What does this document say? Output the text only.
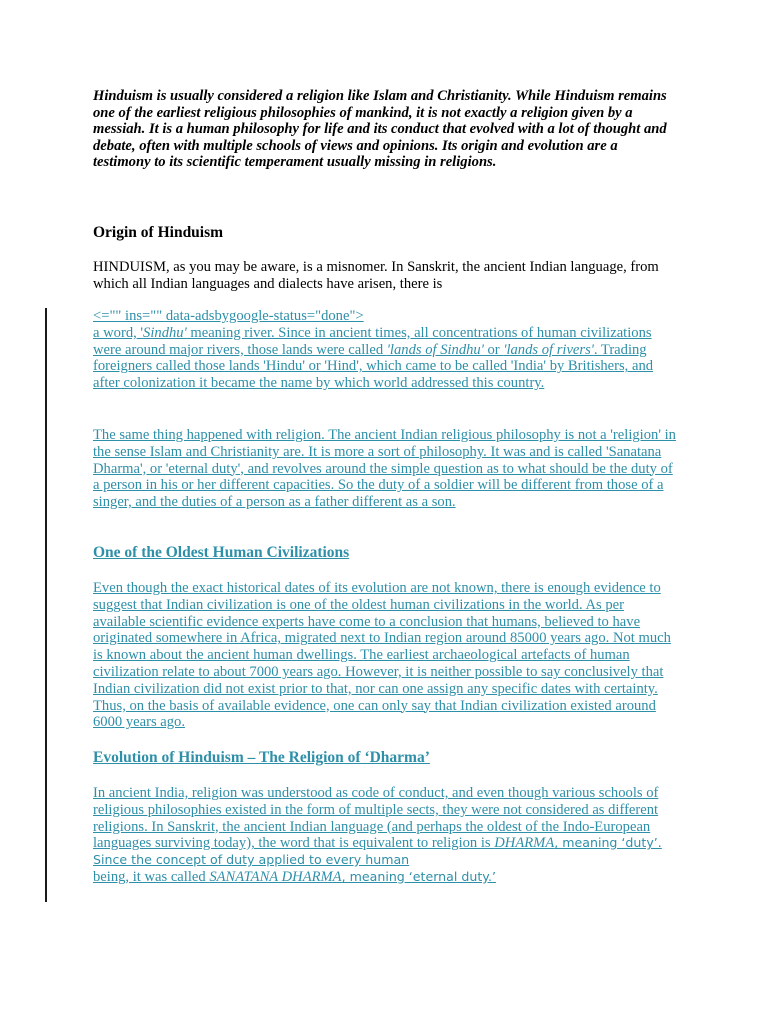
Hinduism is usually considered a religion like Islam and Christianity. While Hinduism remains one of the earliest religious philosophies of mankind, it is not exactly a religion given by a messiah. It is a human philosophy for life and its conduct that evolved with a lot of thought and debate, often with multiple schools of views and opinions. Its origin and evolution are a testimony to its scientific temperament usually missing in religions.

Origin of Hinduism

HINDUISM, as you may be aware, is a misnomer. In Sanskrit, the ancient Indian language, from which all Indian languages and dialects have arisen, there is

<="" ins="" data-adsbygoogle-status="done">
a word, 'Sindhu' meaning river. Since in ancient times, all concentrations of human civilizations were around major rivers, those lands were called 'lands of Sindhu' or 'lands of rivers'. Trading foreigners called those lands 'Hindu' or 'Hind', which came to be called 'India' by Britishers, and after colonization it became the name by which world addressed this country.

The same thing happened with religion. The ancient Indian religious philosophy is not a 'religion' in the sense Islam and Christianity are. It is more a sort of philosophy. It was and is called 'Sanatana Dharma', or 'eternal duty', and revolves around the simple question as to what should be the duty of a person in his or her different capacities. So the duty of a soldier will be different from those of a singer, and the duties of a person as a father different as a son.

One of the Oldest Human Civilizations

Even though the exact historical dates of its evolution are not known, there is enough evidence to suggest that Indian civilization is one of the oldest human civilizations in the world. As per available scientific evidence experts have come to a conclusion that humans, believed to have originated somewhere in Africa, migrated next to Indian region around 85000 years ago. Not much is known about the ancient human dwellings. The earliest archaeological artefacts of human civilization relate to about 7000 years ago. However, it is neither possible to say conclusively that Indian civilization did not exist prior to that, nor can one assign any specific dates with certainty. Thus, on the basis of available evidence, one can only say that Indian civilization existed around 6000 years ago.

Evolution of Hinduism – The Religion of ‘Dharma’

In ancient India, religion was understood as code of conduct, and even though various schools of religious philosophies existed in the form of multiple sects, they were not considered as different religions. In Sanskrit, the ancient Indian language (and perhaps the oldest of the Indo-European languages surviving today), the word that is equivalent to religion is DHARMA, meaning ‘duty’. Since the concept of duty applied to every human
being, it was called SANATANA DHARMA, meaning ‘eternal duty.’
